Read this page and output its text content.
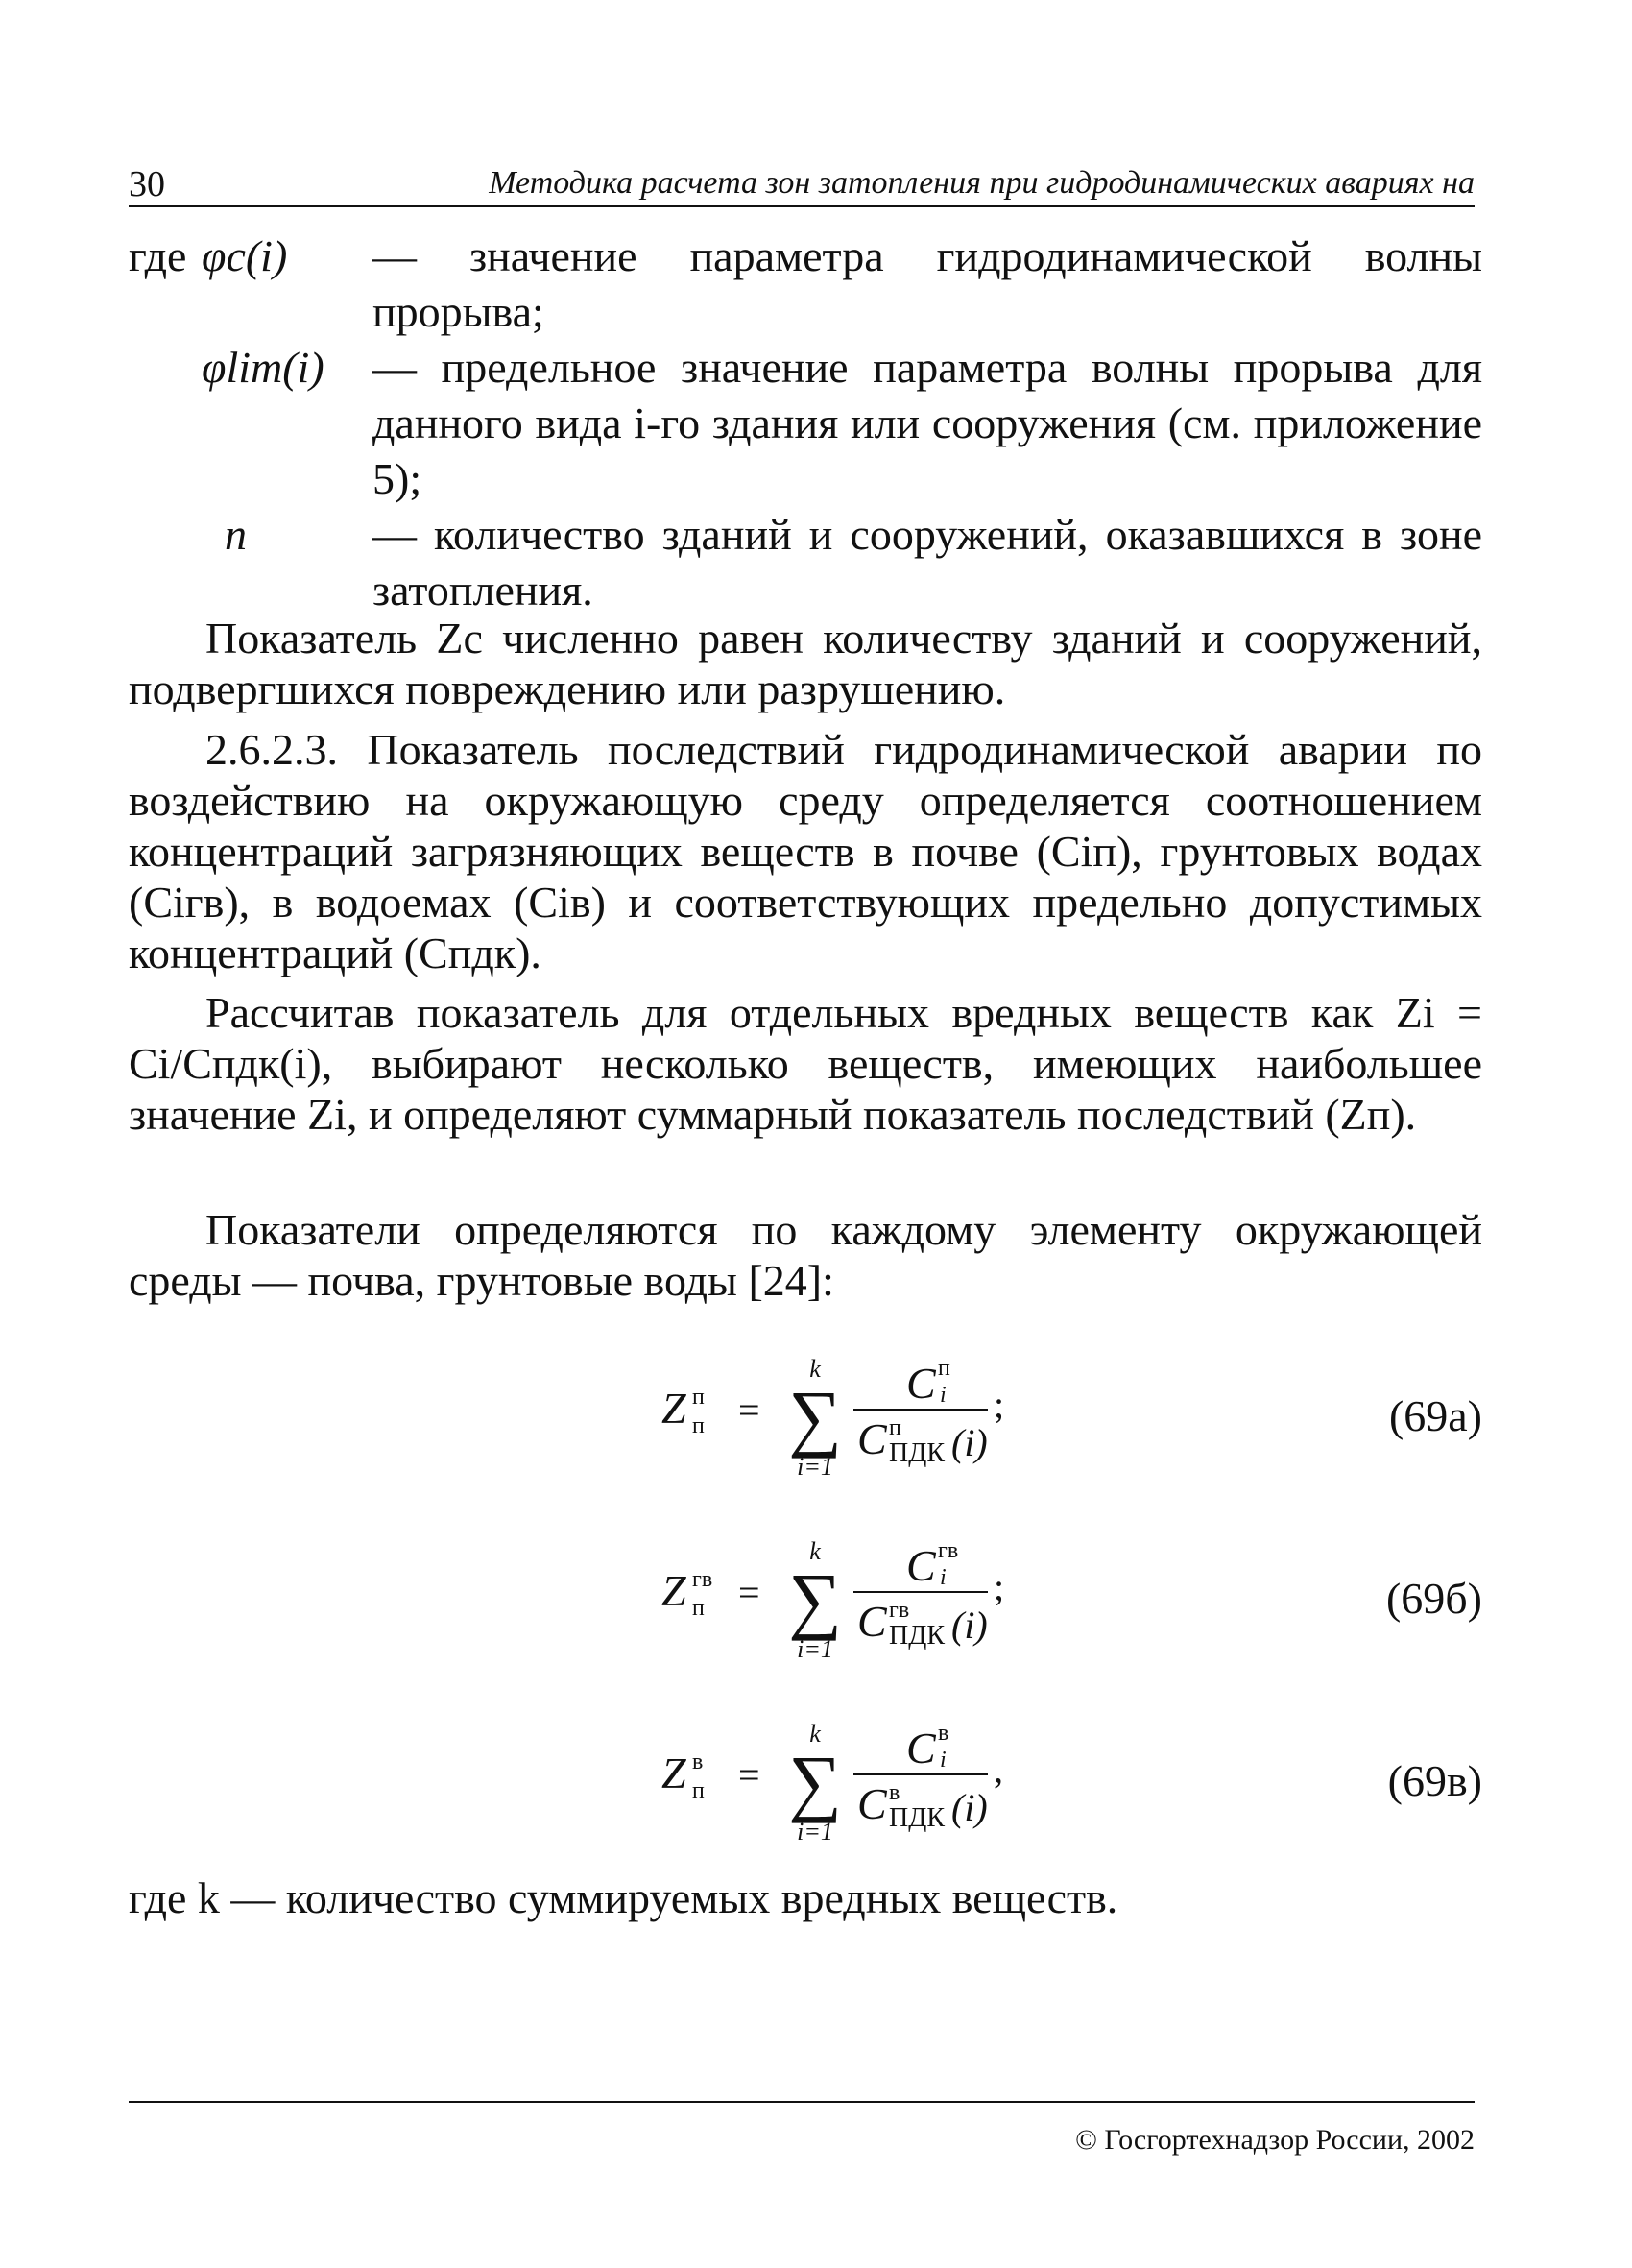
30	Методика расчета зон затопления при гидродинамических авариях на
где φc(i) — значение параметра гидродинамической волны прорыва;
φlim(i) — предельное значение параметра волны прорыва для данного вида i-го здания или сооружения (см. приложение 5);
n	— количество зданий и сооружений, оказавшихся в зоне затопления.
Показатель Zc численно равен количеству зданий и сооружений, подвергшихся повреждению или разрушению.
2.6.2.3. Показатель последствий гидродинамической аварии по воздействию на окружающую среду определяется соотношением концентраций загрязняющих веществ в почве (Ciп), грунтовых водах (Ciгв), в водоемах (Ciв) и соответствующих предельно допустимых концентраций (Cпдк).
Рассчитав показатель для отдельных вредных веществ как Zi = Ci/Cпдк(i), выбирают несколько веществ, имеющих наибольшее значение Zi, и определяют суммарный показатель последствий (Zп).
Показатели определяются по каждому элементу окружающей среды — почва, грунтовые воды [24]:
Z п
п =
k
∑
i=1
C п
i
C п
ПДК (i)
;	(69а)
Z гв
п =
k
∑
i=1
C гв
i
C гв
ПДК (i)
;	(69б)
Z в
п =
k
∑
i=1
C в
i
C в
ПДК (i)
,	(69в)
где k — количество суммируемых вредных веществ.
© Госгортехнадзор России, 2002
